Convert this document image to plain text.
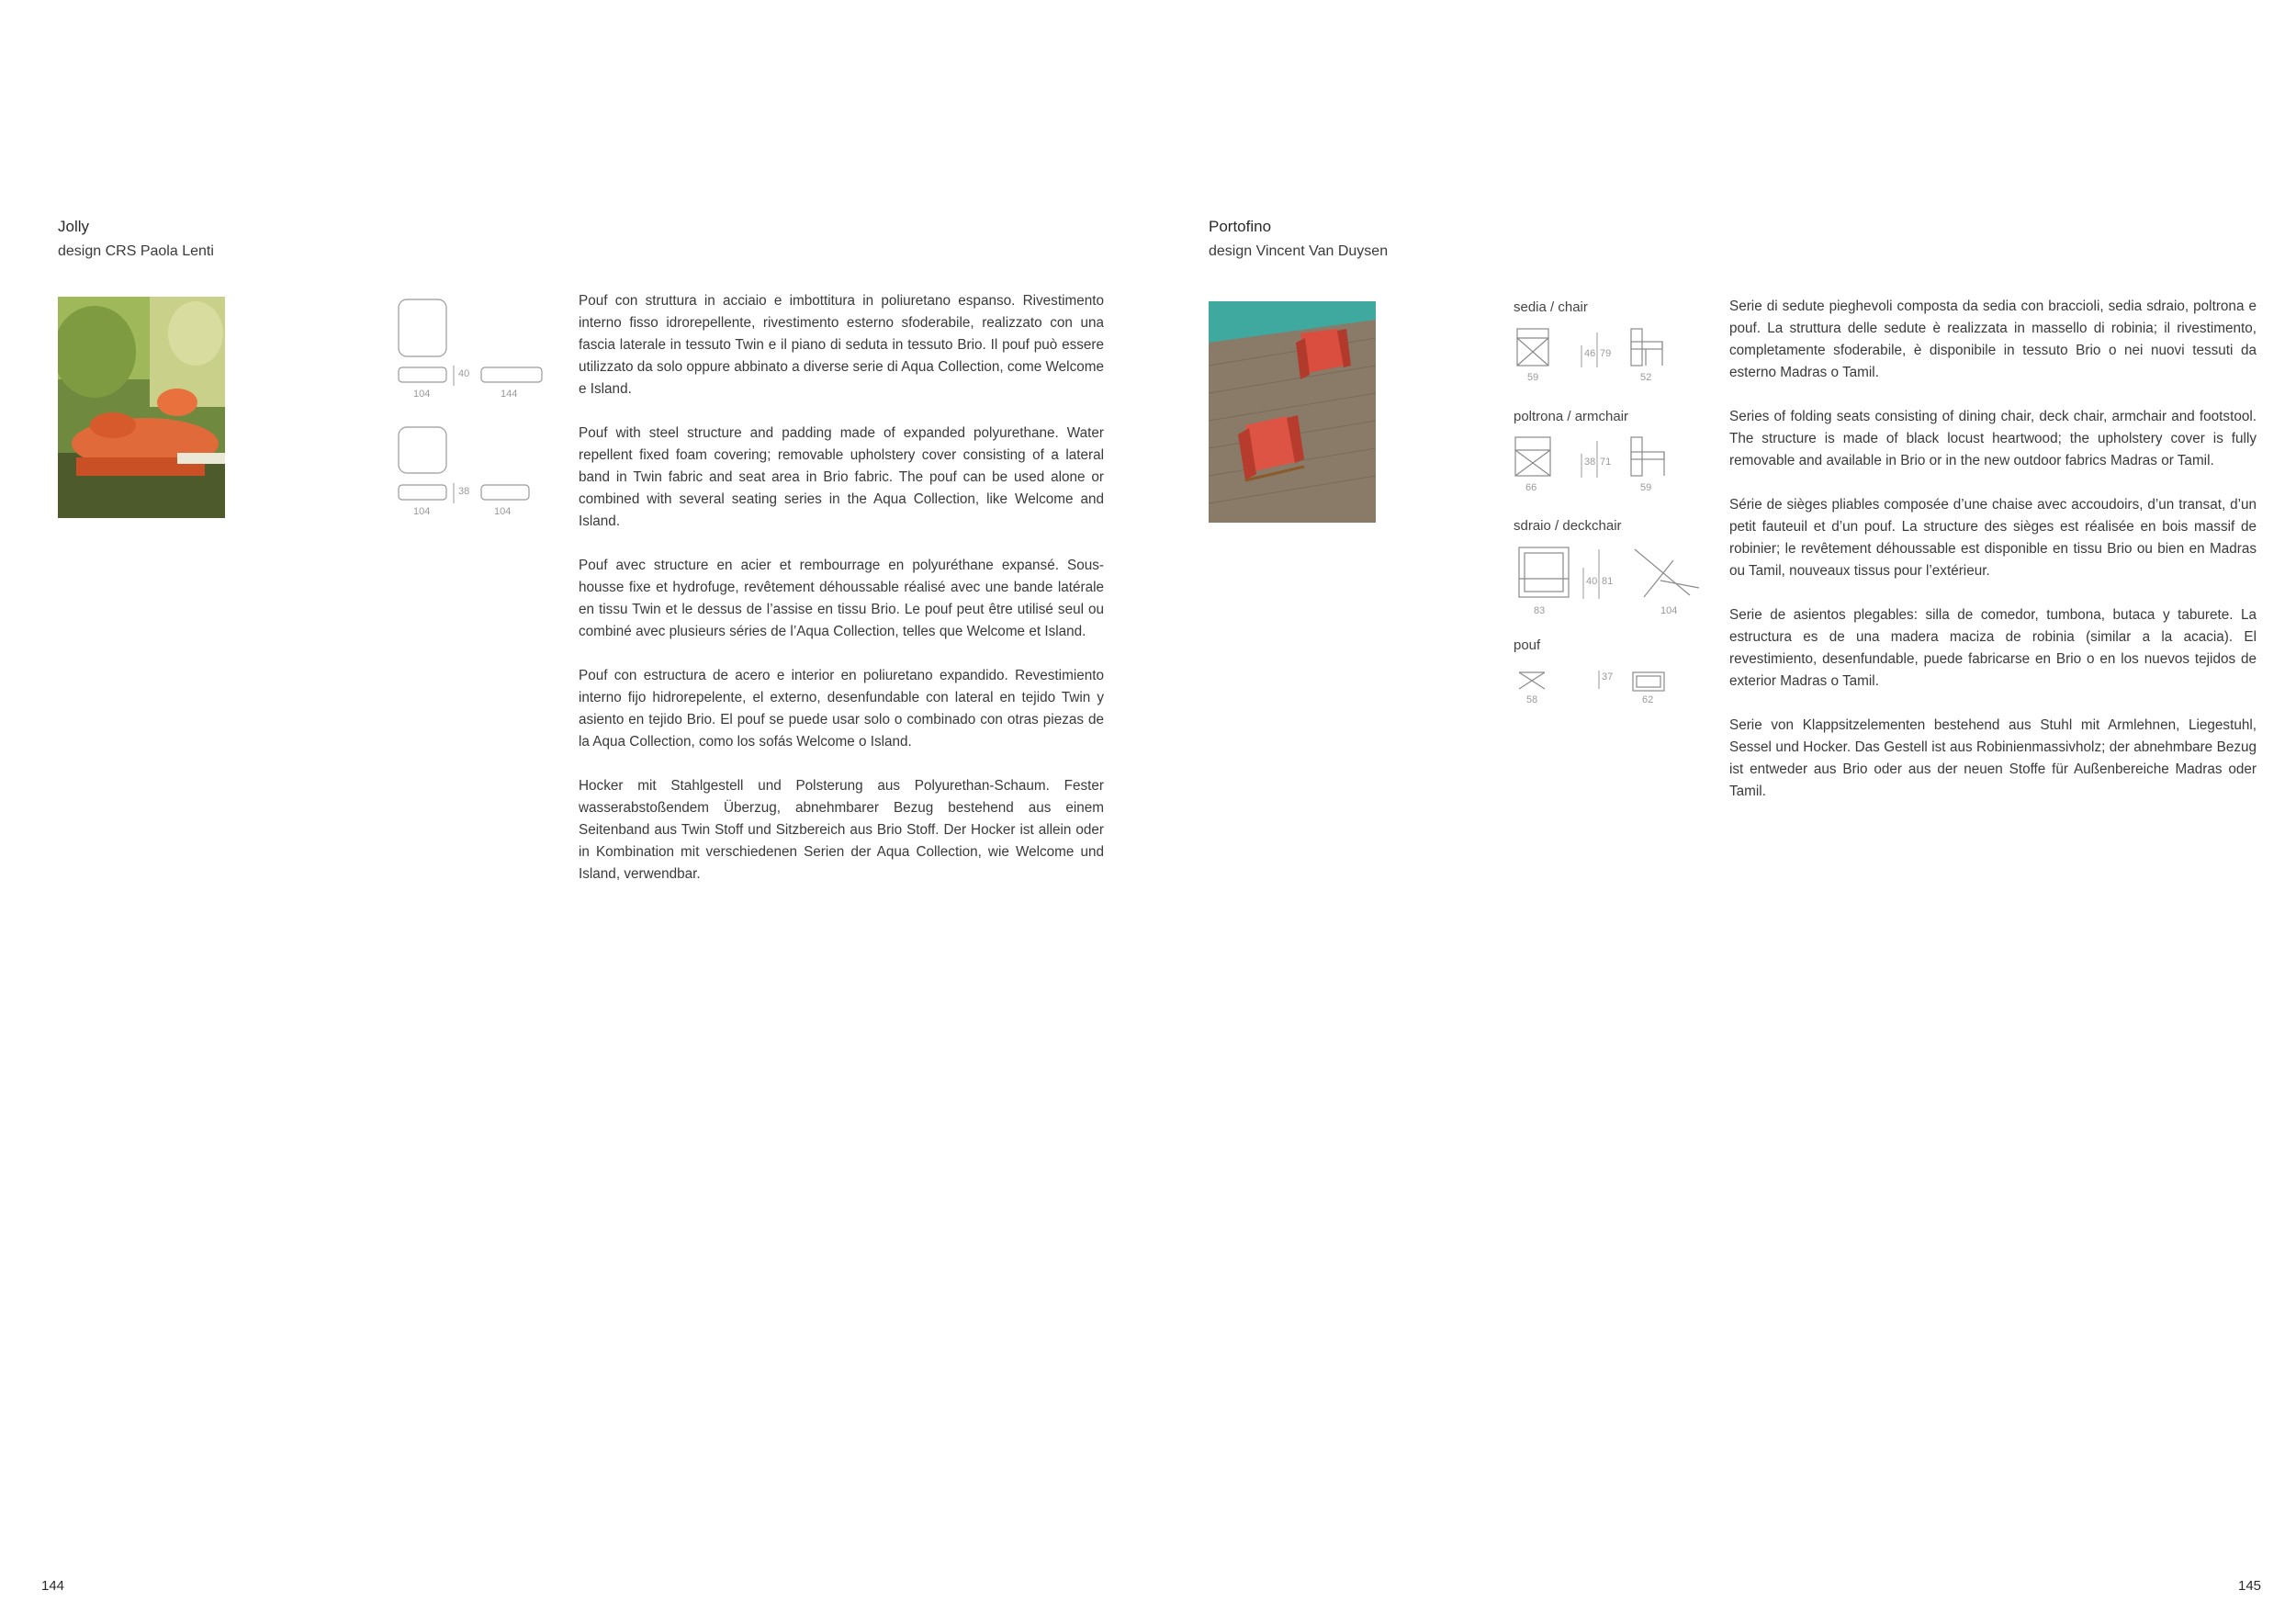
Jolly
design CRS Paola Lenti
40
104	144
38
104	104

Pouf con struttura in acciaio e imbottitura in poliuretano espanso. Rivestimento interno fisso idrorepellente, rivestimento esterno sfoderabile, realizzato con una fascia laterale in tessuto Twin e il piano di seduta in tessuto Brio. Il pouf può essere utilizzato da solo oppure abbinato a diverse serie di Aqua Collection, come Welcome e Island.

Pouf with steel structure and padding made of expanded polyurethane. Water repellent fixed foam covering; removable upholstery cover consisting of a lateral band in Twin fabric and seat area in Brio fabric. The pouf can be used alone or combined with several seating series in the Aqua Collection, like Welcome and Island.

Pouf avec structure en acier et rembourrage en polyuréthane expansé. Sous-housse fixe et hydrofuge, revêtement déhoussable réalisé avec une bande latérale en tissu Twin et le dessus de l’assise en tissu Brio. Le pouf peut être utilisé seul ou combiné avec plusieurs séries de l’Aqua Collection, telles que Welcome et Island.

Pouf con estructura de acero e interior en poliuretano expandido. Revestimiento interno fijo hidrorepelente, el externo, desenfundable con lateral en tejido Twin y asiento en tejido Brio. El pouf se puede usar solo o combinado con otras piezas de la Aqua Collection, como los sofás Welcome o Island.

Hocker mit Stahlgestell und Polsterung aus Polyurethan-Schaum. Fester wasserabstoßendem Überzug, abnehmbarer Bezug bestehend aus einem Seitenband aus Twin Stoff und Sitzbereich aus Brio Stoff. Der Hocker ist allein oder in Kombination mit verschiedenen Serien der Aqua Collection, wie Welcome und Island, verwendbar.

144
Portofino
design Vincent Van Duysen
sedia / chair
poltrona / armchair
sdraio / deckchair
pouf
46 79
59	52
38 71
66	59
40 81
83	104
37
58	62

Serie di sedute pieghevoli composta da sedia con braccioli, sedia sdraio, poltrona e pouf. La struttura delle sedute è realizzata in massello di robinia; il rivestimento, completamente sfoderabile, è disponibile in tessuto Brio o nei nuovi tessuti da esterno Madras o Tamil.

Series of folding seats consisting of dining chair, deck chair, armchair and footstool. The structure is made of black locust heartwood; the upholstery cover is fully removable and available in Brio or in the new outdoor fabrics Madras or Tamil.

Série de sièges pliables composée d’une chaise avec accoudoirs, d’un transat, d’un petit fauteuil et d’un pouf. La structure des sièges est réalisée en bois massif de robinier; le revêtement déhoussable est disponible en tissu Brio ou bien en Madras ou Tamil, nouveaux tissus pour l’extérieur.

Serie de asientos plegables: silla de comedor, tumbona, butaca y taburete. La estructura es de una madera maciza de robinia (similar a la acacia). El revestimiento, desenfundable, puede fabricarse en Brio o en los nuevos tejidos de exterior Madras o Tamil.

Serie von Klappsitzelementen bestehend aus Stuhl mit Armlehnen, Liegestuhl, Sessel und Hocker. Das Gestell ist aus Robinienmassivholz; der abnehmbare Bezug ist entweder aus Brio oder aus der neuen Stoffe für Außenbereiche Madras oder Tamil.

145
